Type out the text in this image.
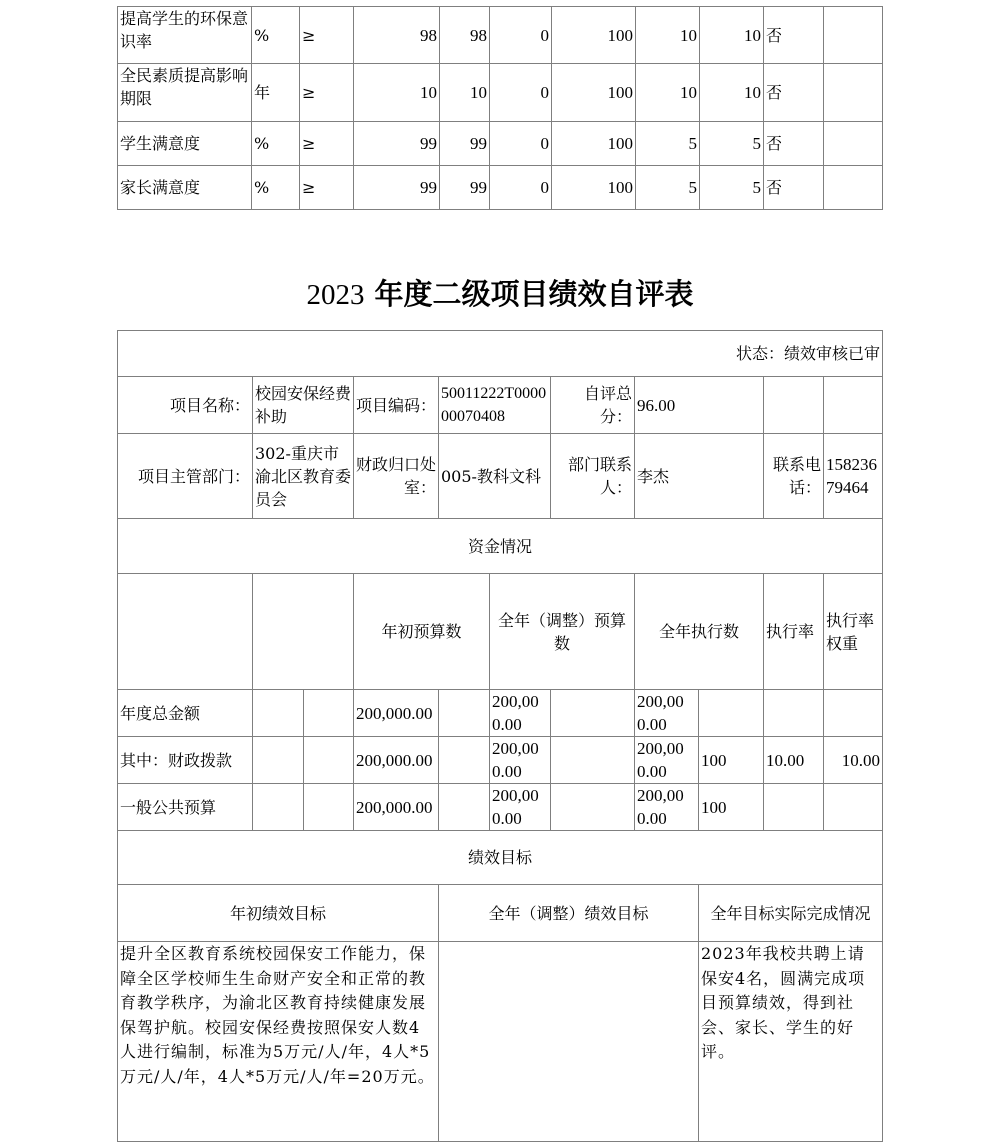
提高学生的环保意识率	%	≥	98	98	0	100	10	10	否	
全民素质提高影响期限	年	≥	10	10	0	100	10	10	否	
学生满意度	%	≥	99	99	0	100	5	5	否	
家长满意度	%	≥	99	99	0	100	5	5	否	
2023 年度二级项目绩效自评表
状态：绩效审核已审											
项目名称：	校园安保经费补助		项目编码：	50011222T000000070408		自评总分：	96.00				
项目主管部门：	302-重庆市渝北区教育委员会		财政归口处室：	005-教科文科		部门联系人：	李杰		联系电话：	15823679464	
资金情况											
			年初预算数		全年（调整）预算数		全年执行数		执行率	执行率权重	
年度总金额			200,000.00		200,000.00		200,000.00				
其中：财政拨款			200,000.00		200,000.00		200,000.00	100	10.00	10.00	
一般公共预算			200,000.00		200,000.00		200,000.00	100			
绩效目标											
年初绩效目标				全年（调整）绩效目标				全年目标实际完成情况			
提升全区教育系统校园保安工作能力，保障全区学校师生生命财产安全和正常的教育教学秩序，为渝北区教育持续健康发展保驾护航。校园安保经费按照保安人数4人进行编制，标准为5万元/人/年，4人*5万元/人/年，4人*5万元/人/年=20万元。								2023年我校共聘上请保安4名，圆满完成项目预算绩效，得到社会、家长、学生的好评。			
